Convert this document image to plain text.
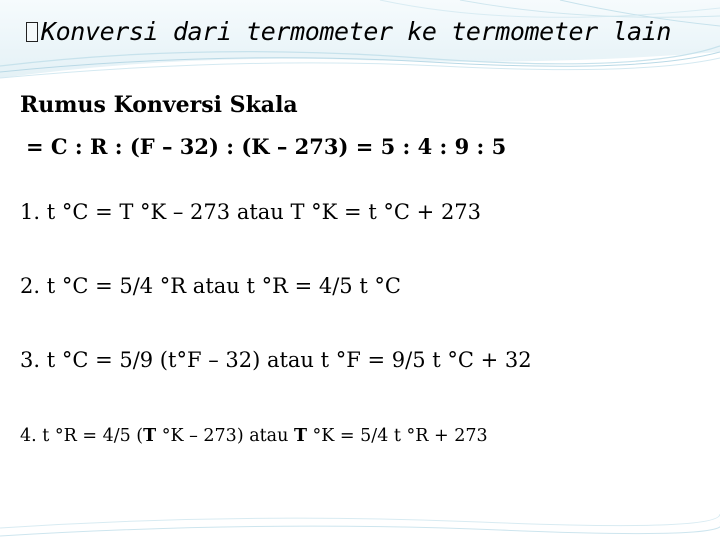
Konversi dari termometer ke termometer lain
Rumus Konversi Skala
= C : R : (F – 32) : (K – 273) = 5 : 4 : 9 : 5
1. t °C = T °K – 273 atau T °K = t °C + 273
2. t °C = 5/4 °R atau t °R = 4/5 t °C
3. t °C = 5/9 (t°F – 32) atau t °F = 9/5 t °C + 32
4. t °R = 4/5 (T °K – 273) atau T °K = 5/4 t °R + 273
